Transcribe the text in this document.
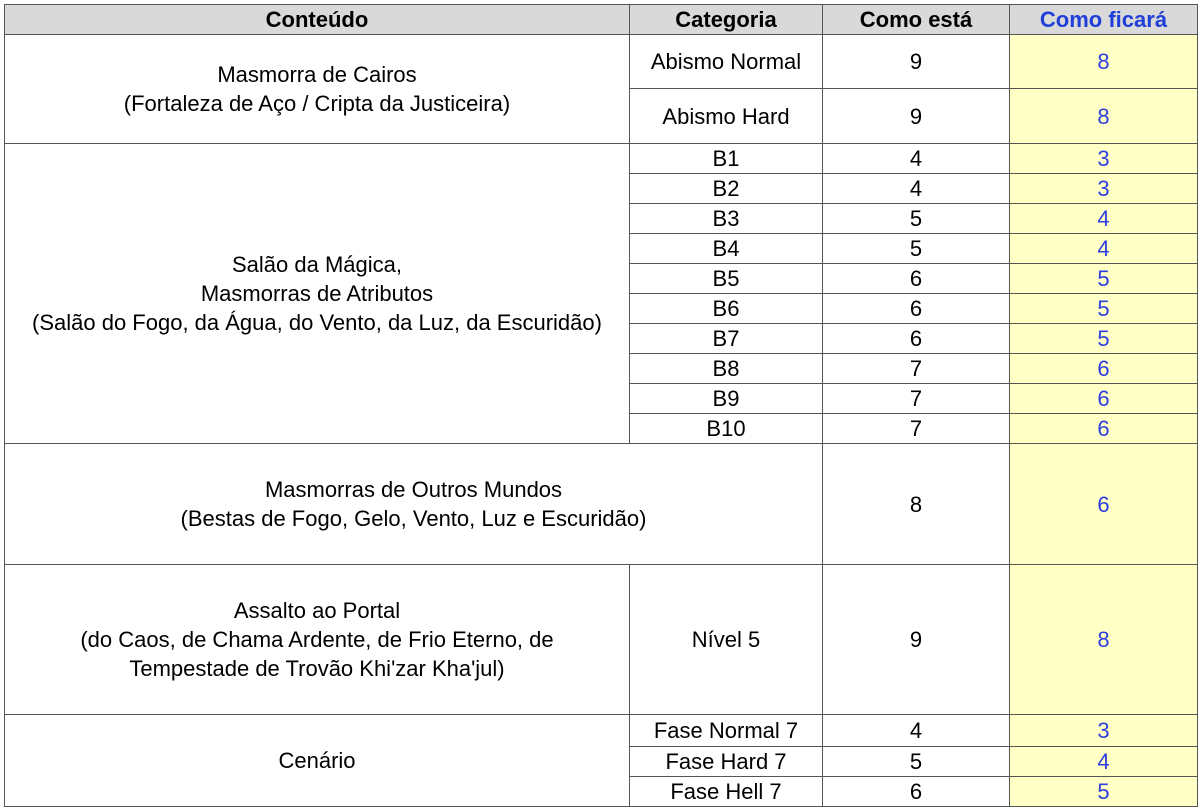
Conteúdo	Categoria	Como está	Como ficará

Masmorra de Cairos
(Fortaleza de Aço / Cripta da Justiceira)	Abismo Normal	9	8
	Abismo Hard	9	8

Salão da Mágica,
Masmorras de Atributos
(Salão do Fogo, da Água, do Vento, da Luz, da Escuridão)	B1	4	3
	B2	4	3
	B3	5	4
	B4	5	4
	B5	6	5
	B6	6	5
	B7	6	5
	B8	7	6
	B9	7	6
	B10	7	6

Masmorras de Outros Mundos
(Bestas de Fogo, Gelo, Vento, Luz e Escuridão)		8	6

Assalto ao Portal
(do Caos, de Chama Ardente, de Frio Eterno, de
Tempestade de Trovão Khi'zar Kha'jul)	Nível 5	9	8

Cenário	Fase Normal 7	4	3
	Fase Hard 7	5	4
	Fase Hell 7	6	5
